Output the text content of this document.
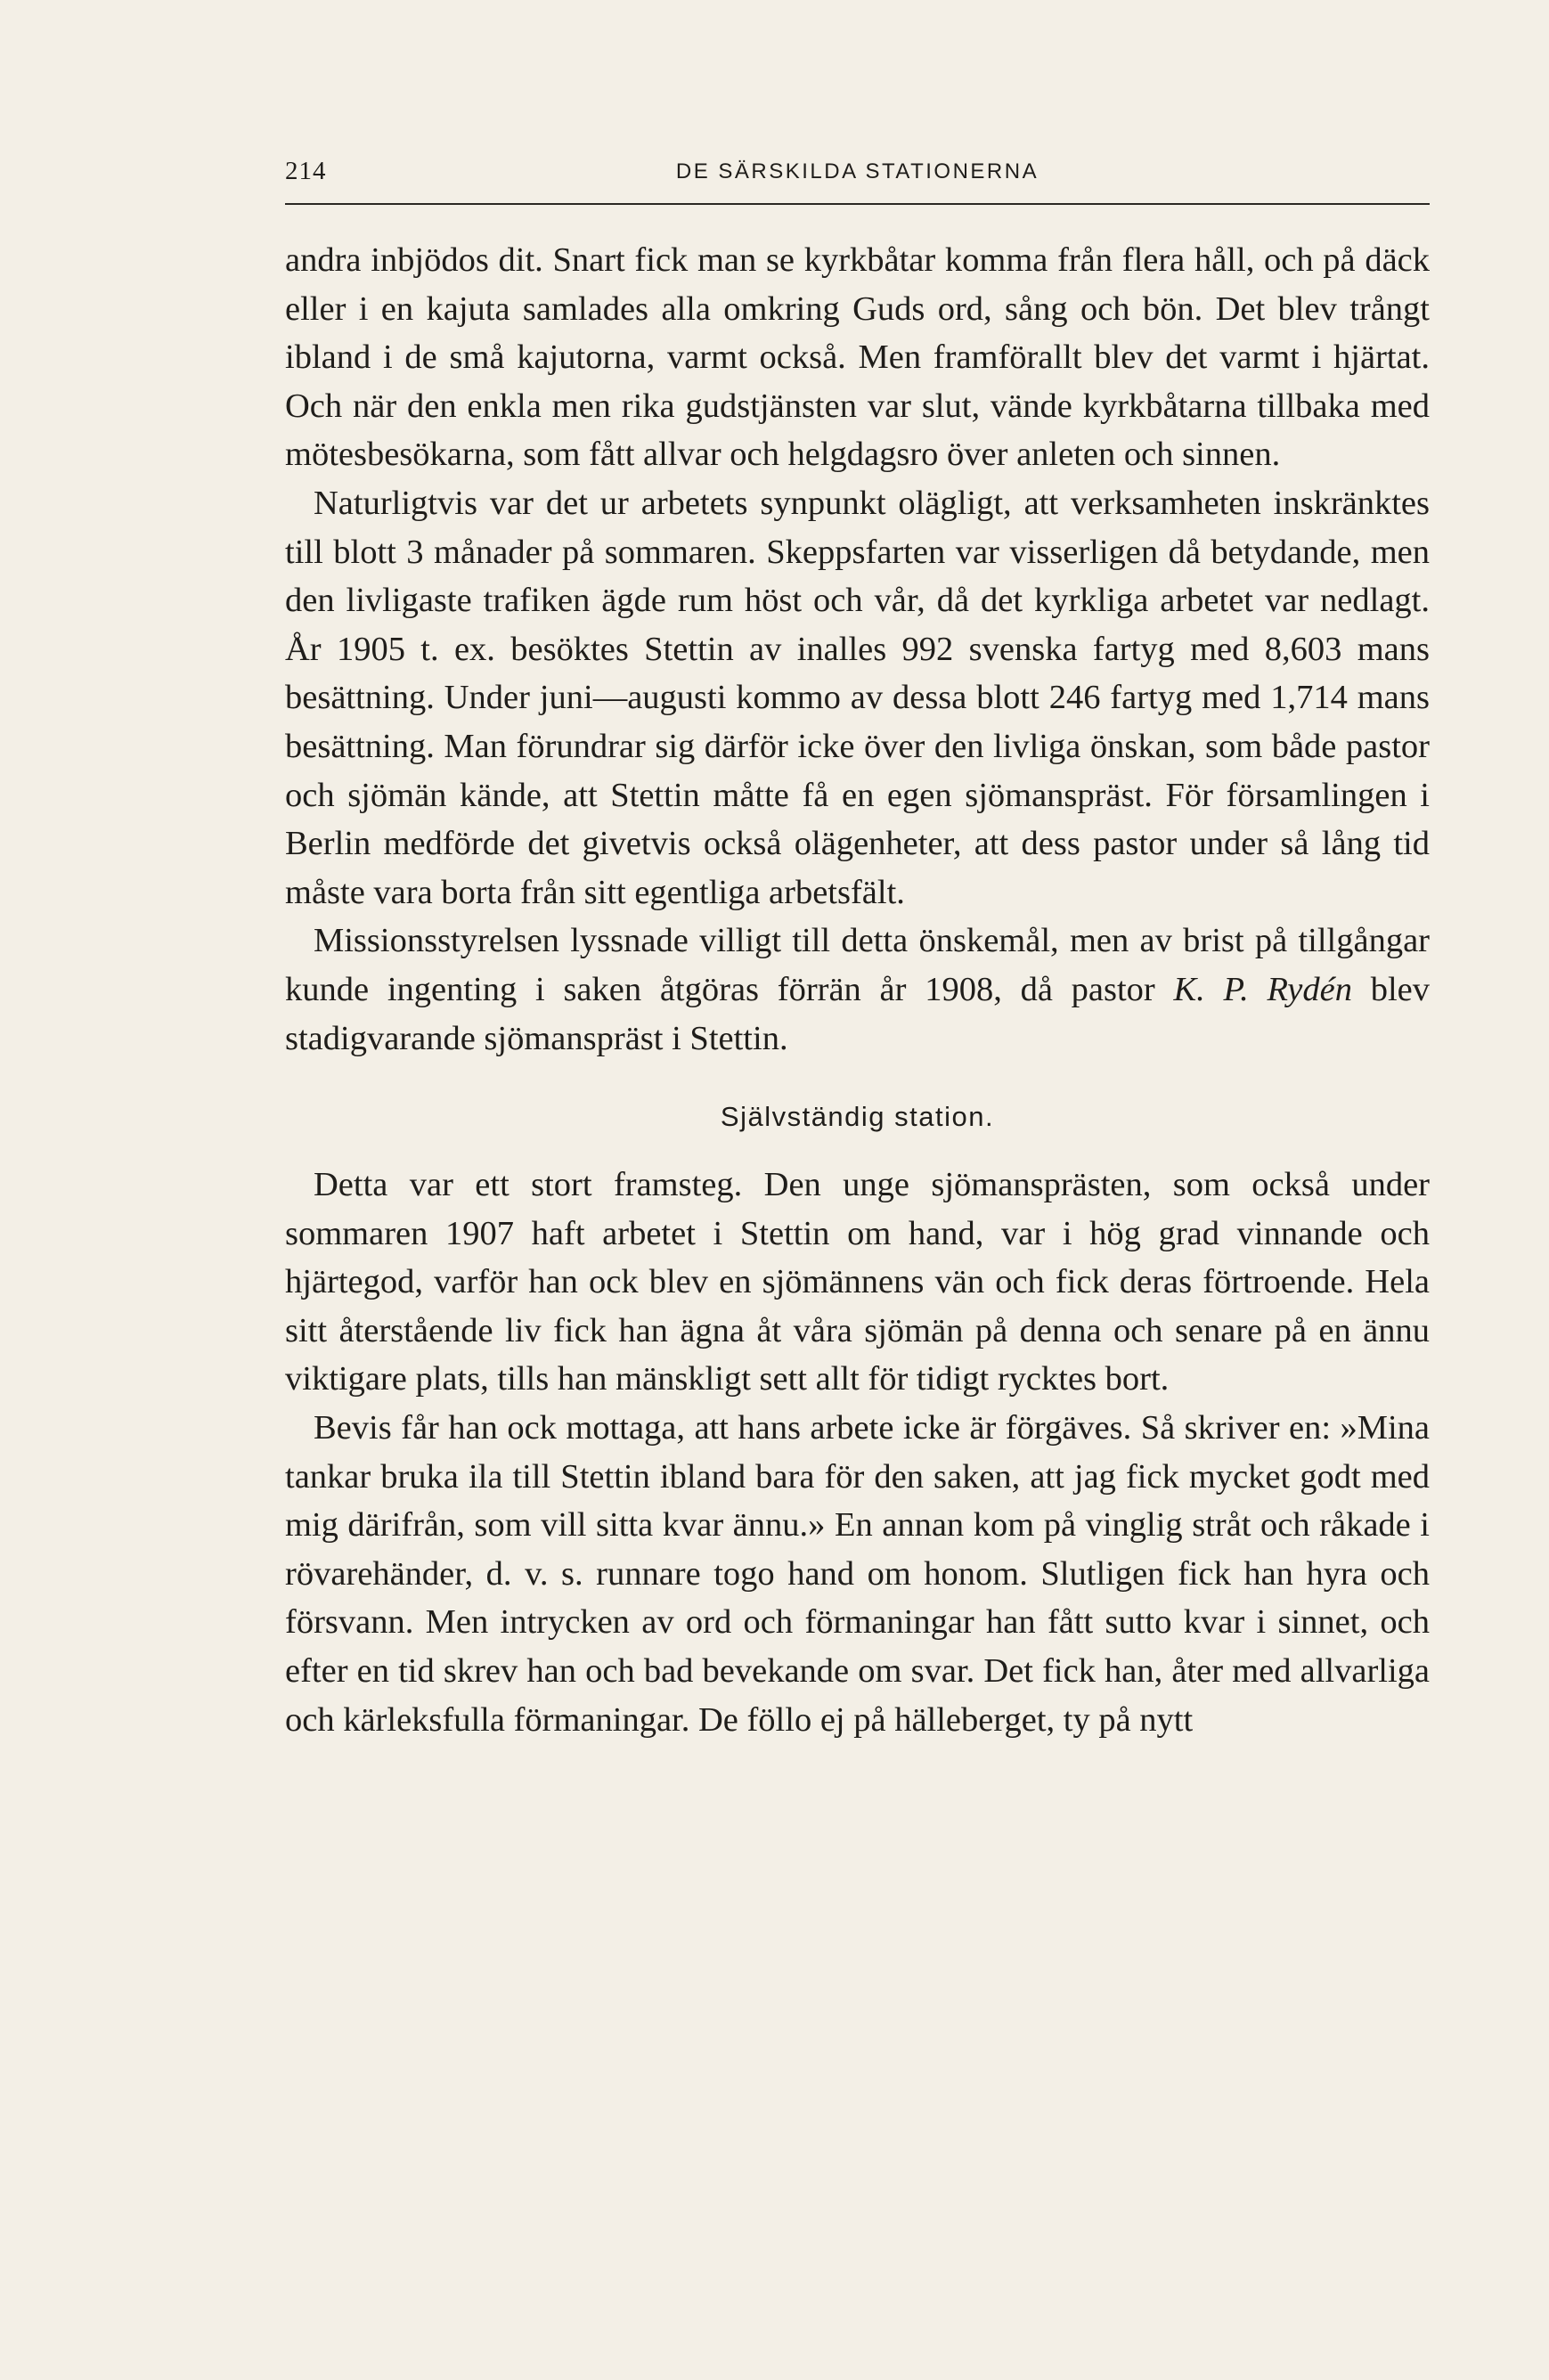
214	DE SÄRSKILDA STATIONERNA

andra inbjödos dit. Snart fick man se kyrkbåtar komma från flera håll, och på däck eller i en kajuta samlades alla omkring Guds ord, sång och bön. Det blev trångt ibland i de små kajutorna, varmt också. Men framförallt blev det varmt i hjärtat. Och när den enkla men rika gudstjänsten var slut, vände kyrkbåtarna tillbaka med mötesbesökarna, som fått allvar och helgdagsro över anleten och sinnen.

Naturligtvis var det ur arbetets synpunkt olägligt, att verksamheten inskränktes till blott 3 månader på sommaren. Skeppsfarten var visserligen då betydande, men den livligaste trafiken ägde rum höst och vår, då det kyrkliga arbetet var nedlagt. År 1905 t. ex. besöktes Stettin av inalles 992 svenska fartyg med 8,603 mans besättning. Under juni—augusti kommo av dessa blott 246 fartyg med 1,714 mans besättning. Man förundrar sig därför icke över den livliga önskan, som både pastor och sjömän kände, att Stettin måtte få en egen sjömanspräst. För församlingen i Berlin medförde det givetvis också olägenheter, att dess pastor under så lång tid måste vara borta från sitt egentliga arbetsfält.

Missionsstyrelsen lyssnade villigt till detta önskemål, men av brist på tillgångar kunde ingenting i saken åtgöras förrän år 1908, då pastor K. P. Rydén blev stadigvarande sjömanspräst i Stettin.

Självständig station.

Detta var ett stort framsteg. Den unge sjömansprästen, som också under sommaren 1907 haft arbetet i Stettin om hand, var i hög grad vinnande och hjärtegod, varför han ock blev en sjömännens vän och fick deras förtroende. Hela sitt återstående liv fick han ägna åt våra sjömän på denna och senare på en ännu viktigare plats, tills han mänskligt sett allt för tidigt rycktes bort.

Bevis får han ock mottaga, att hans arbete icke är förgäves. Så skriver en: »Mina tankar bruka ila till Stettin ibland bara för den saken, att jag fick mycket godt med mig därifrån, som vill sitta kvar ännu.» En annan kom på vinglig stråt och råkade i rövarehänder, d. v. s. runnare togo hand om honom. Slutligen fick han hyra och försvann. Men intrycken av ord och förmaningar han fått sutto kvar i sinnet, och efter en tid skrev han och bad bevekande om svar. Det fick han, åter med allvarliga och kärleksfulla förmaningar. De föllo ej på hälleberget, ty på nytt
